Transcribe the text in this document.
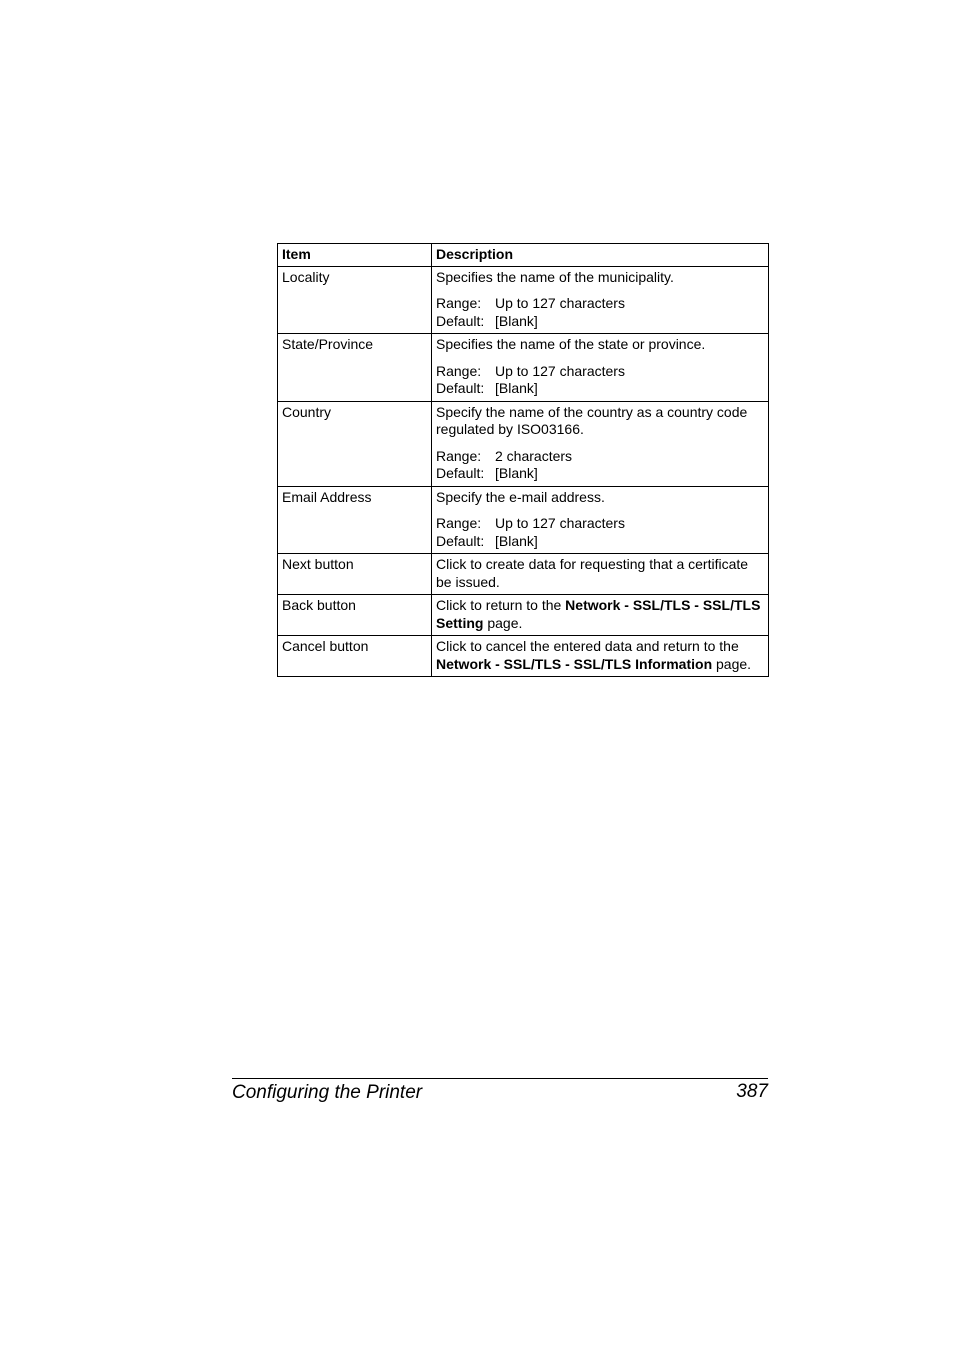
Item	Description
Locality	Specifies the name of the municipality.
Range: Up to 127 characters
Default: [Blank]

State/Province	Specifies the name of the state or province.
Range: Up to 127 characters
Default: [Blank]

Country	Specify the name of the country as a country code regulated by ISO03166.
Range: 2 characters
Default: [Blank]

Email Address	Specify the e-mail address.
Range: Up to 127 characters
Default: [Blank]

Next button	Click to create data for requesting that a certificate be issued.

Back button	Click to return to the Network - SSL/TLS - SSL/TLS Setting page.
Cancel button	Click to cancel the entered data and return to the Network - SSL/TLS - SSL/TLS Information page.
Configuring the Printer	387
